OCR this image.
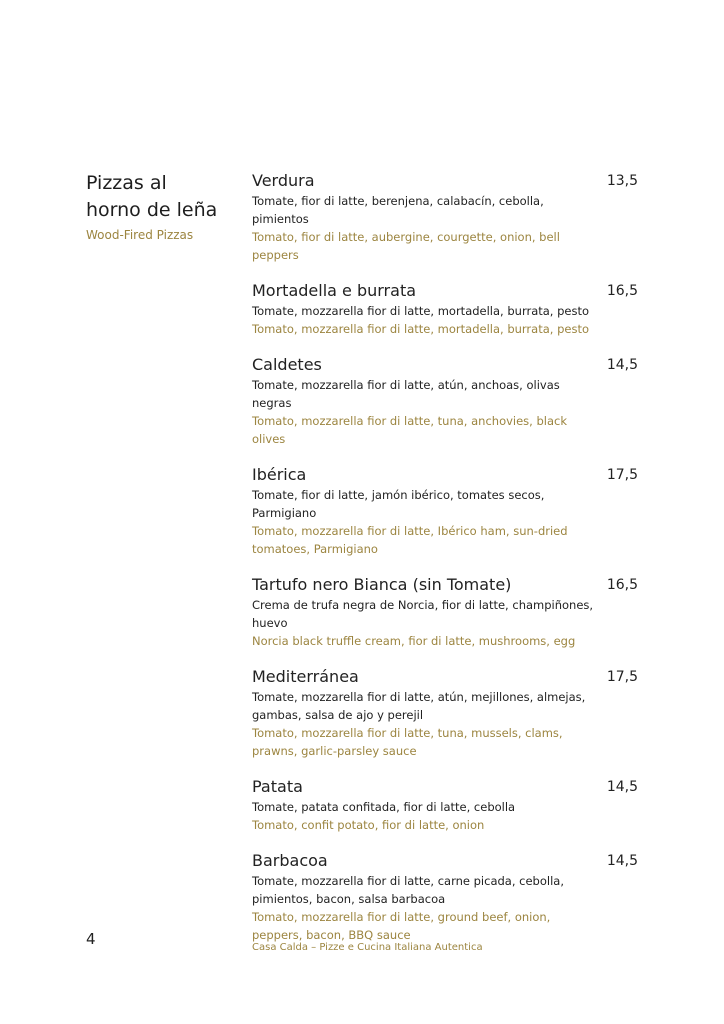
Pizzas al
horno de leña
Wood-Fired Pizzas
Verdura	13,5
Tomate, fior di latte, berenjena, calabacín, cebolla, pimientos
Tomato, fior di latte, aubergine, courgette, onion, bell peppers
Mortadella e burrata	16,5
Tomate, mozzarella fior di latte, mortadella, burrata, pesto
Tomato, mozzarella fior di latte, mortadella, burrata, pesto
Caldetes	14,5
Tomate, mozzarella fior di latte, atún, anchoas, olivas negras
Tomato, mozzarella fior di latte, tuna, anchovies, black olives
Ibérica	17,5
Tomate, fior di latte, jamón ibérico, tomates secos, Parmigiano
Tomato, mozzarella fior di latte, Ibérico ham, sun-dried tomatoes, Parmigiano
Tartufo nero Bianca (sin Tomate)	16,5
Crema de trufa negra de Norcia, fior di latte, champiñones, huevo
Norcia black truffle cream, fior di latte, mushrooms, egg
Mediterránea	17,5
Tomate, mozzarella fior di latte, atún, mejillones, almejas, gambas, salsa de ajo y perejil
Tomato, mozzarella fior di latte, tuna, mussels, clams, prawns, garlic-parsley sauce
Patata	14,5
Tomate, patata confitada, fior di latte, cebolla
Tomato, confit potato, fior di latte, onion
Barbacoa	14,5
Tomate, mozzarella fior di latte, carne picada, cebolla, pimientos, bacon, salsa barbacoa
Tomato, mozzarella fior di latte, ground beef, onion, peppers, bacon, BBQ sauce
4	Casa Calda – Pizze e Cucina Italiana Autentica
